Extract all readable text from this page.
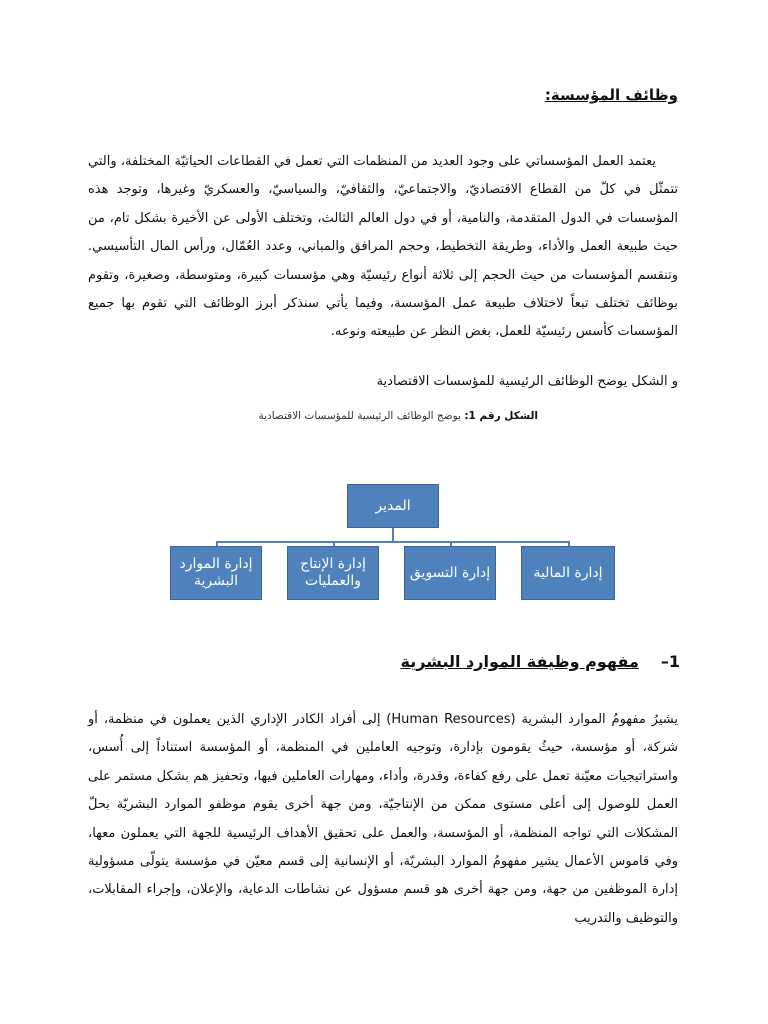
وظائف المؤسسة:

يعتمد العمل المؤسساتي على وجود العديد من المنظمات التي تعمل في القطاعات الحياتيّة المختلفة، والتي تتمثّل في كلّ من القطاع الاقتصاديّ، والاجتماعيّ، والثقافيّ، والسياسيّ، والعسكريّ وغيرها، وتوجد هذه المؤسسات في الدول المتقدمة، والنامية، أو في دول العالم الثالث، وتختلف الأولى عن الأخيرة بشكل تام، من حيث طبيعة العمل والأداء، وطريقة التخطيط، وحجم المرافق والمباني، وعدد العُمّال، ورأس المال التأسيسي. وتنقسم المؤسسات من حيث الحجم إلى ثلاثة أنواع رئيسيّة وهي مؤسسات كبيرة، ومتوسطة، وصغيرة، وتقوم بوظائف تختلف تبعاً لاختلاف طبيعة عمل المؤسسة، وفيما يأتي سنذكر أبرز الوظائف التي تقوم بها جميع المؤسسات كأسس رئيسيّة للعمل، بغض النظر عن طبيعته ونوعه.

و الشكل يوضح الوظائف الرئيسية للمؤسسات الاقتصادية

الشكل رقم 1: يوضح الوظائف الرئيسية للمؤسسات الاقتصادية

المدير
إدارة الموارد البشرية
إدارة الإنتاج والعمليات
إدارة التسويق	إدارة المالية

1–
مفهوم وظيفة الموارد البشرية

يشيرُ مفهومُ الموارد البشرية (Human Resources) إلى أفراد الكادر الإداري الذين يعملون في منظمة، أو شركة، أو مؤسسة، حيثُ يقومون بإدارة، وتوجيه العاملين في المنظمة، أو المؤسسة استناداً إلى أُسس، واستراتيجيات معيّنة تعمل على رفع كفاءة، وقدرة، وأداء، ومهارات العاملين فيها، وتحفيز هم بشكل مستمر على العمل للوصول إلى أعلى مستوى ممكن من الإنتاجيّة، ومن جهة أخرى يقوم موظفو الموارد البشريّة بحلّ المشكلات التي تواجه المنظمة، أو المؤسسة، والعمل على تحقيق الأهداف الرئيسية للجهة التي يعملون معها، وفي قاموس الأعمال يشير مفهومُ الموارد البشريّة، أو الإنسانية إلى قسم معيّن في مؤسسة يتولّى مسؤولية إدارة الموظفين من جهة، ومن جهة أخرى هو قسم مسؤول عن نشاطات الدعاية، والإعلان، وإجراء المقابلات، والتوظيف والتدريب
